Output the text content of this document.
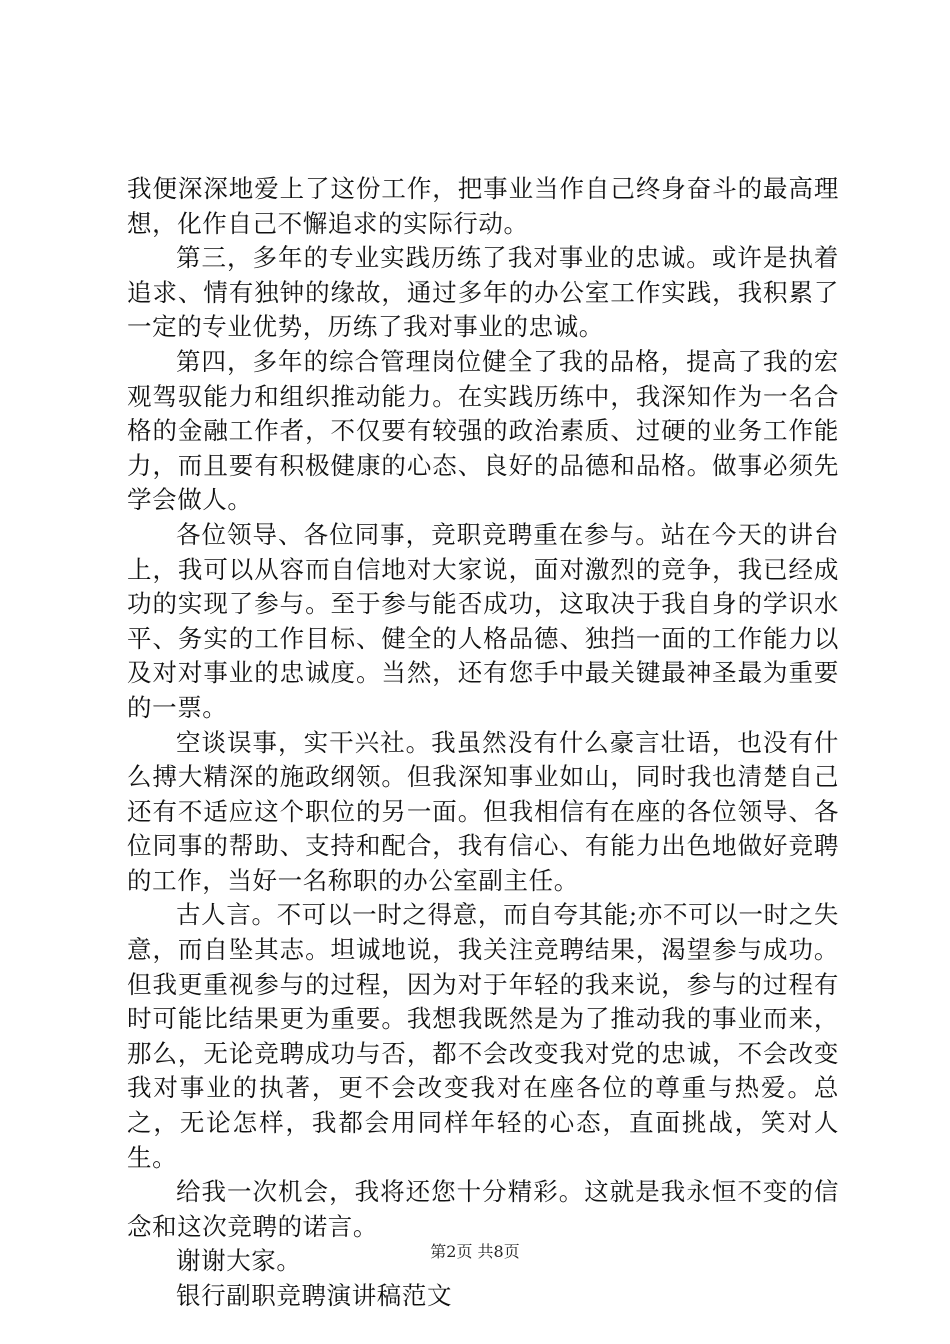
我便深深地爱上了这份工作，把事业当作自己终身奋斗的最高理想，化作自己不懈追求的实际行动。

第三，多年的专业实践历练了我对事业的忠诚。或许是执着追求、情有独钟的缘故，通过多年的办公室工作实践，我积累了一定的专业优势，历练了我对事业的忠诚。

第四，多年的综合管理岗位健全了我的品格，提高了我的宏观驾驭能力和组织推动能力。在实践历练中，我深知作为一名合格的金融工作者，不仅要有较强的政治素质、过硬的业务工作能力，而且要有积极健康的心态、良好的品德和品格。做事必须先学会做人。

各位领导、各位同事，竞职竞聘重在参与。站在今天的讲台上，我可以从容而自信地对大家说，面对激烈的竞争，我已经成功的实现了参与。至于参与能否成功，这取决于我自身的学识水平、务实的工作目标、健全的人格品德、独挡一面的工作能力以及对对事业的忠诚度。当然，还有您手中最关键最神圣最为重要的一票。

空谈误事，实干兴社。我虽然没有什么豪言壮语，也没有什么搏大精深的施政纲领。但我深知事业如山，同时我也清楚自己还有不适应这个职位的另一面。但我相信有在座的各位领导、各位同事的帮助、支持和配合，我有信心、有能力出色地做好竞聘的工作，当好一名称职的办公室副主任。

古人言。不可以一时之得意，而自夸其能;亦不可以一时之失意，而自坠其志。坦诚地说，我关注竞聘结果，渴望参与成功。但我更重视参与的过程，因为对于年轻的我来说，参与的过程有时可能比结果更为重要。我想我既然是为了推动我的事业而来，那么，无论竞聘成功与否，都不会改变我对党的忠诚，不会改变我对事业的执著，更不会改变我对在座各位的尊重与热爱。总之，无论怎样，我都会用同样年轻的心态，直面挑战，笑对人生。

给我一次机会，我将还您十分精彩。这就是我永恒不变的信念和这次竞聘的诺言。

谢谢大家。

银行副职竞聘演讲稿范文

第2页 共8页
